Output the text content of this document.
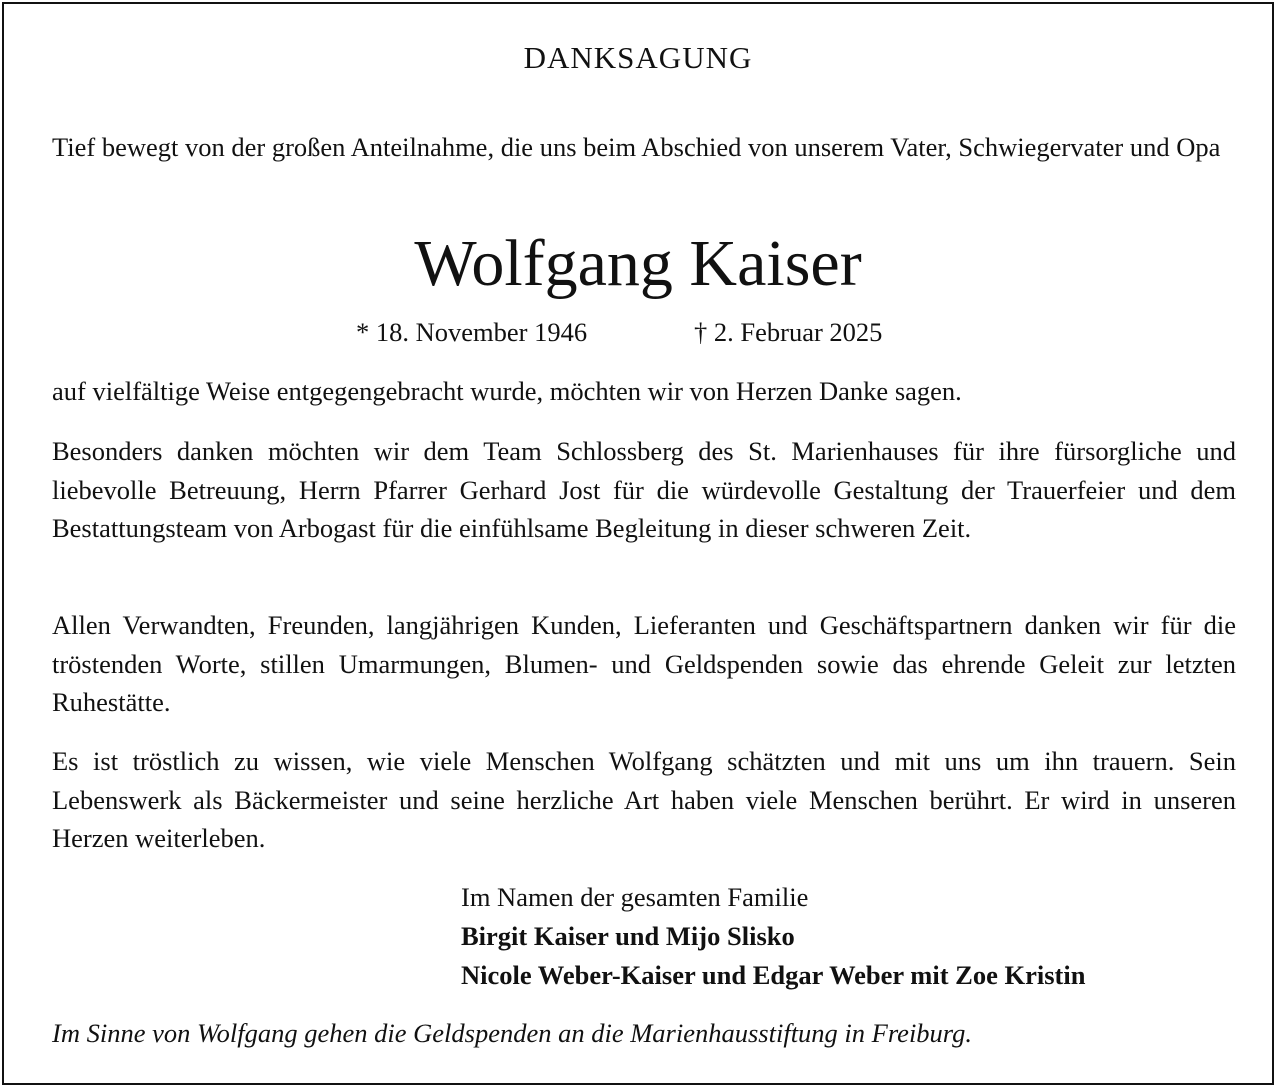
DANKSAGUNG
Tief bewegt von der großen Anteilnahme, die uns beim Abschied von unserem Vater, Schwiegervater und Opa
Wolfgang Kaiser
* 18. November 1946	† 2. Februar 2025
auf vielfältige Weise entgegengebracht wurde, möchten wir von Herzen Danke sagen.
Besonders danken möchten wir dem Team Schlossberg des St. Marienhauses für ihre fürsorgliche und liebevolle Betreuung, Herrn Pfarrer Gerhard Jost für die würdevolle Gestaltung der Trauerfeier und dem Bestattungsteam von Arbogast für die einfühlsame Begleitung in dieser schweren Zeit.
Allen Verwandten, Freunden, langjährigen Kunden, Lieferanten und Geschäftspartnern danken wir für die tröstenden Worte, stillen Umarmungen, Blumen- und Geldspenden sowie das ehrende Geleit zur letzten Ruhestätte.
Es ist tröstlich zu wissen, wie viele Menschen Wolfgang schätzten und mit uns um ihn trauern. Sein Lebenswerk als Bäckermeister und seine herzliche Art haben viele Menschen berührt. Er wird in unseren Herzen weiterleben.
Im Namen der gesamten Familie
Birgit Kaiser und Mijo Slisko
Nicole Weber-Kaiser und Edgar Weber mit Zoe Kristin
Im Sinne von Wolfgang gehen die Geldspenden an die Marienhausstiftung in Freiburg.
